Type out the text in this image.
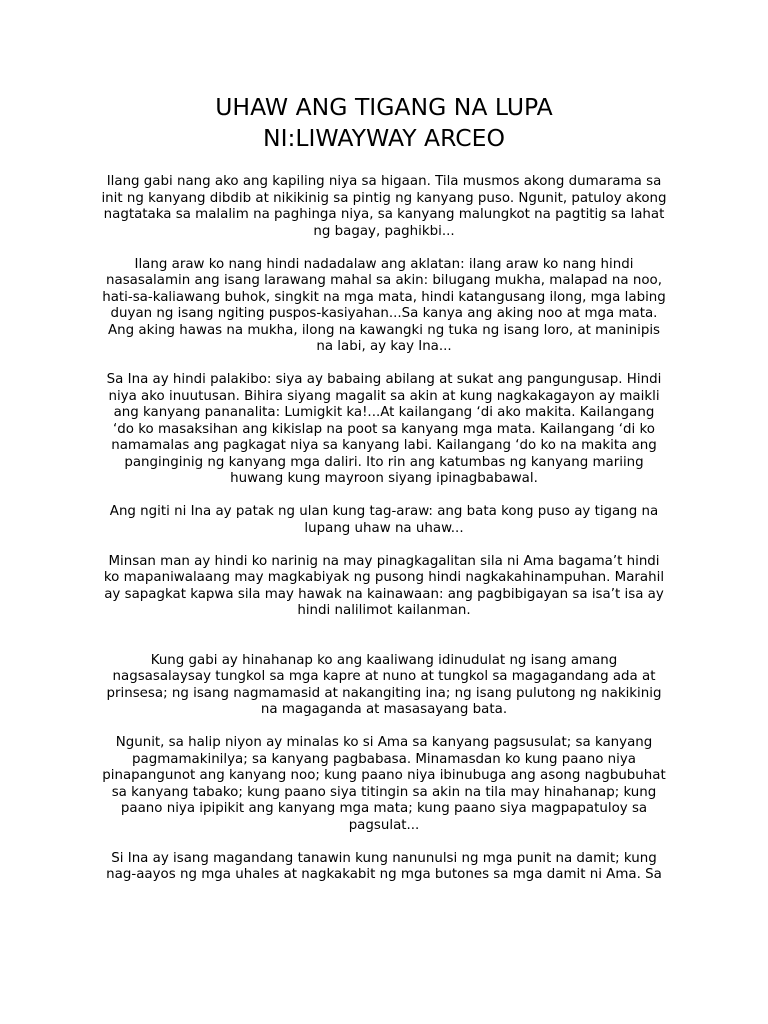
UHAW ANG TIGANG NA LUPA
NI:LIWAYWAY ARCEO

Ilang gabi nang ako ang kapiling niya sa higaan. Tila musmos akong dumarama sa
init ng kanyang dibdib at nikikinig sa pintig ng kanyang puso. Ngunit, patuloy akong
nagtataka sa malalim na paghinga niya, sa kanyang malungkot na pagtitig sa lahat
ng bagay, paghikbi...

Ilang araw ko nang hindi nadadalaw ang aklatan: ilang araw ko nang hindi
nasasalamin ang isang larawang mahal sa akin: bilugang mukha, malapad na noo,
hati-sa-kaliawang buhok, singkit na mga mata, hindi katangusang ilong, mga labing
duyan ng isang ngiting puspos-kasiyahan...Sa kanya ang aking noo at mga mata.
Ang aking hawas na mukha, ilong na kawangki ng tuka ng isang loro, at maninipis
na labi, ay kay Ina...

Sa Ina ay hindi palakibo: siya ay babaing abilang at sukat ang pangungusap. Hindi
niya ako inuutusan. Bihira siyang magalit sa akin at kung nagkakagayon ay maikli
ang kanyang pananalita: Lumigkit ka!...At kailangang ‘di ako makita. Kailangang
‘do ko masaksihan ang kikislap na poot sa kanyang mga mata. Kailangang ‘di ko
namamalas ang pagkagat niya sa kanyang labi. Kailangang ‘do ko na makita ang
panginginig ng kanyang mga daliri. Ito rin ang katumbas ng kanyang mariing
huwang kung mayroon siyang ipinagbabawal.

Ang ngiti ni Ina ay patak ng ulan kung tag-araw: ang bata kong puso ay tigang na
lupang uhaw na uhaw...

Minsan man ay hindi ko narinig na may pinagkagalitan sila ni Ama bagama’t hindi
ko mapaniwalaang may magkabiyak ng pusong hindi nagkakahinampuhan. Marahil
ay sapagkat kapwa sila may hawak na kainawaan: ang pagbibigayan sa isa’t isa ay
hindi nalilimot kailanman.

Kung gabi ay hinahanap ko ang kaaliwang idinudulat ng isang amang
nagsasalaysay tungkol sa mga kapre at nuno at tungkol sa magagandang ada at
prinsesa; ng isang nagmamasid at nakangiting ina; ng isang pulutong ng nakikinig
na magaganda at masasayang bata.

Ngunit, sa halip niyon ay minalas ko si Ama sa kanyang pagsusulat; sa kanyang
pagmamakinilya; sa kanyang pagbabasa. Minamasdan ko kung paano niya
pinapangunot ang kanyang noo; kung paano niya ibinubuga ang asong nagbubuhat
sa kanyang tabako; kung paano siya titingin sa akin na tila may hinahanap; kung
paano niya ipipikit ang kanyang mga mata; kung paano siya magpapatuloy sa
pagsulat...

Si Ina ay isang magandang tanawin kung nanunulsi ng mga punit na damit; kung
nag-aayos ng mga uhales at nagkakabit ng mga butones sa mga damit ni Ama. Sa
